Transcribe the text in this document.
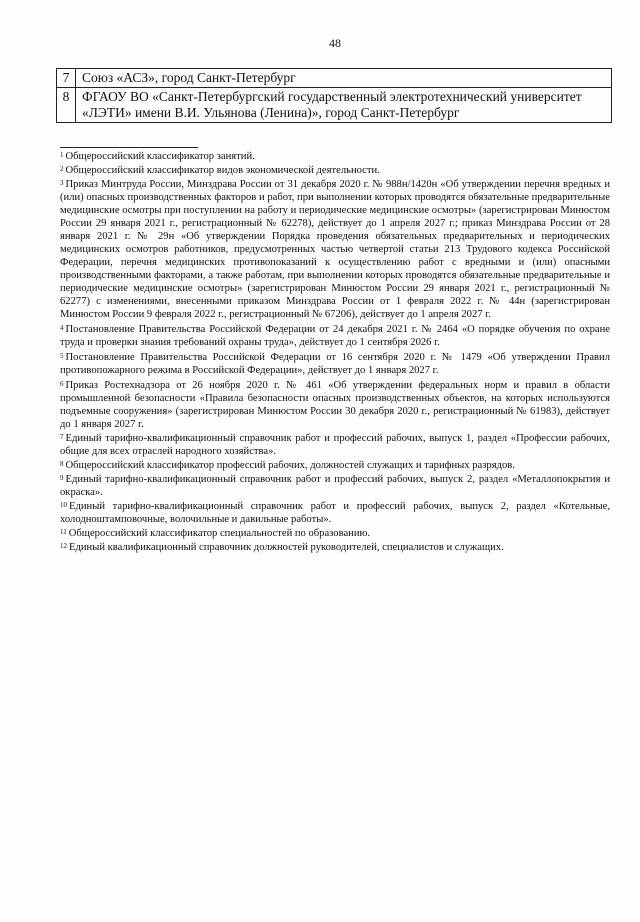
48
7	Союз «АСЗ», город Санкт-Петербург
8	ФГАОУ ВО «Санкт-Петербургский государственный электротехнический университет «ЛЭТИ» имени В.И. Ульянова (Ленина)», город Санкт-Петербург

$^1$ Общероссийский классификатор занятий.

$^2$ Общероссийский классификатор видов экономической деятельности.

$^3$ Приказ Минтруда России, Минздрава России от 31 декабря 2020 г. № 988н/1420н «Об утверждении перечня вредных и (или) опасных производственных факторов и работ, при выполнении которых проводятся обязательные предварительные медицинские осмотры при поступлении на работу и периодические медицинские осмотры» (зарегистрирован Минюстом России 29 января 2021 г., регистрационный № 62278), действует до 1 апреля 2027 г.; приказ Минздрава России от 28 января 2021 г. № 29н «Об утверждении Порядка проведения обязательных предварительных и периодических медицинских осмотров работников, предусмотренных частью четвертой статьи 213 Трудового кодекса Российской Федерации, перечня медицинских противопоказаний к осуществлению работ с вредными и (или) опасными производственными факторами, а также работам, при выполнении которых проводятся обязательные предварительные и периодические медицинские осмотры» (зарегистрирован Минюстом России 29 января 2021 г., регистрационный № 62277) с изменениями, внесенными приказом Минздрава России от 1 февраля 2022 г. № 44н (зарегистрирован Минюстом России 9 февраля 2022 г., регистрационный № 67206), действует до 1 апреля 2027 г.

$^4$ Постановление Правительства Российской Федерации от 24 декабря 2021 г. № 2464 «О порядке обучения по охране труда и проверки знания требований охраны труда», действует до 1 сентября 2026 г.

$^5$ Постановление Правительства Российской Федерации от 16 сентября 2020 г. № 1479 «Об утверждении Правил противопожарного режима в Российской Федерации», действует до 1 января 2027 г.

$^6$ Приказ Ростехнадзора от 26 ноября 2020 г. № 461 «Об утверждении федеральных норм и правил в области промышленной безопасности «Правила безопасности опасных производственных объектов, на которых используются подъемные сооружения» (зарегистрирован Минюстом России 30 декабря 2020 г., регистрационный № 61983), действует до 1 января 2027 г.

$^7$ Единый тарифно-квалификационный справочник работ и профессий рабочих, выпуск 1, раздел «Профессии рабочих, общие для всех отраслей народного хозяйства».

$^8$ Общероссийский классификатор профессий рабочих, должностей служащих и тарифных разрядов.

$^9$ Единый тарифно-квалификационный справочник работ и профессий рабочих, выпуск 2, раздел «Металлопокрытия и окраска».

$^{10}$ Единый тарифно-квалификационный справочник работ и профессий рабочих, выпуск 2, раздел «Котельные, холодноштамповочные, волочильные и давильные работы».

$^{11}$ Общероссийский классификатор специальностей по образованию.

$^{12}$ Единый квалификационный справочник должностей руководителей, специалистов и служащих.
